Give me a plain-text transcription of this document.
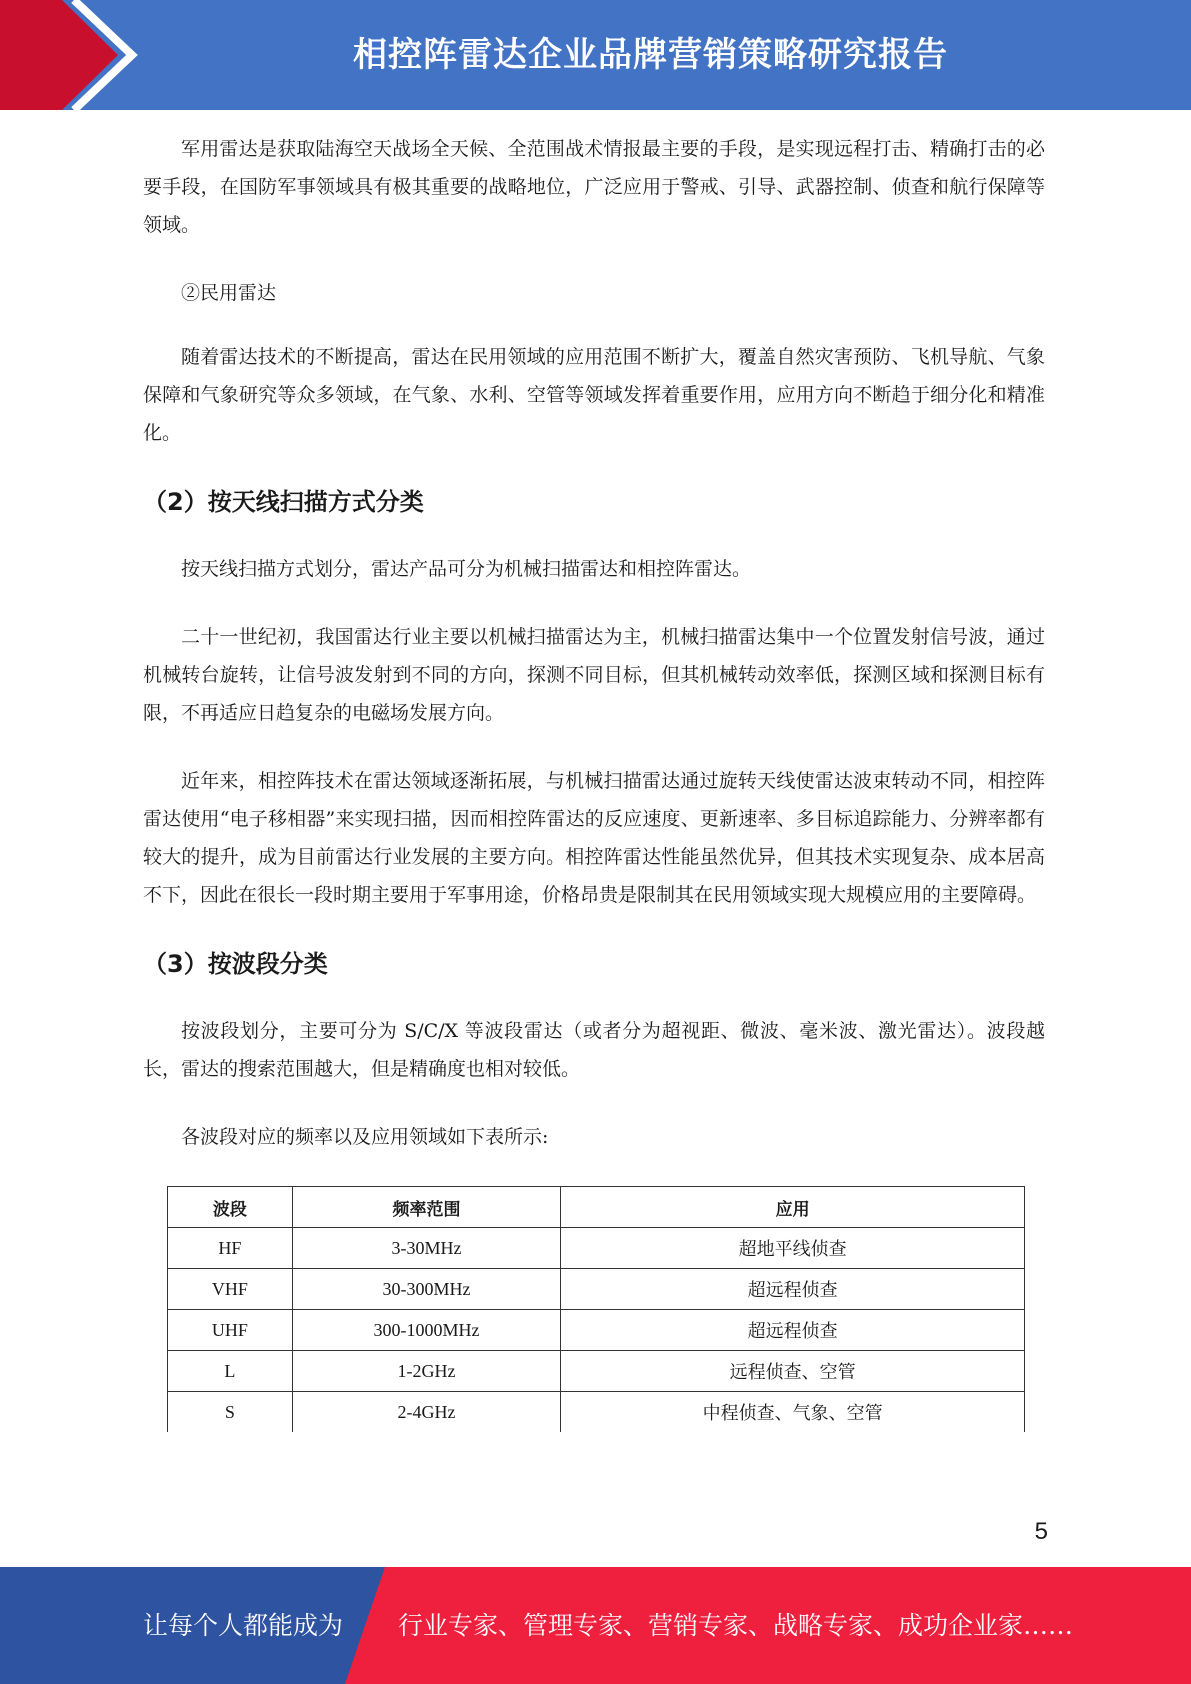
相控阵雷达企业品牌营销策略研究报告

军用雷达是获取陆海空天战场全天候、全范围战术情报最主要的手段，是实现远程打击、精确打击的必要手段，在国防军事领域具有极其重要的战略地位，广泛应用于警戒、引导、武器控制、侦查和航行保障等领域。

②民用雷达

随着雷达技术的不断提高，雷达在民用领域的应用范围不断扩大，覆盖自然灾害预防、飞机导航、气象保障和气象研究等众多领域，在气象、水利、空管等领域发挥着重要作用，应用方向不断趋于细分化和精准化。

（2）按天线扫描方式分类

按天线扫描方式划分，雷达产品可分为机械扫描雷达和相控阵雷达。

二十一世纪初，我国雷达行业主要以机械扫描雷达为主，机械扫描雷达集中一个位置发射信号波，通过机械转台旋转，让信号波发射到不同的方向，探测不同目标，但其机械转动效率低，探测区域和探测目标有限，不再适应日趋复杂的电磁场发展方向。

近年来，相控阵技术在雷达领域逐渐拓展，与机械扫描雷达通过旋转天线使雷达波束转动不同，相控阵雷达使用“电子移相器”来实现扫描，因而相控阵雷达的反应速度、更新速率、多目标追踪能力、分辨率都有较大的提升，成为目前雷达行业发展的主要方向。相控阵雷达性能虽然优异，但其技术实现复杂、成本居高不下，因此在很长一段时期主要用于军事用途，价格昂贵是限制其在民用领域实现大规模应用的主要障碍。

（3）按波段分类

按波段划分，主要可分为 S/C/X 等波段雷达（或者分为超视距、微波、毫米波、激光雷达）。波段越长，雷达的搜索范围越大，但是精确度也相对较低。

各波段对应的频率以及应用领域如下表所示:

波段	频率范围	应用
HF	3-30MHz	超地平线侦查
VHF	30-300MHz	超远程侦查
UHF	300-1000MHz	超远程侦查
L	1-2GHz	远程侦查、空管
S	2-4GHz	中程侦查、气象、空管
5
让每个人都能成为 行业专家、管理专家、营销专家、战略专家、成功企业家……
